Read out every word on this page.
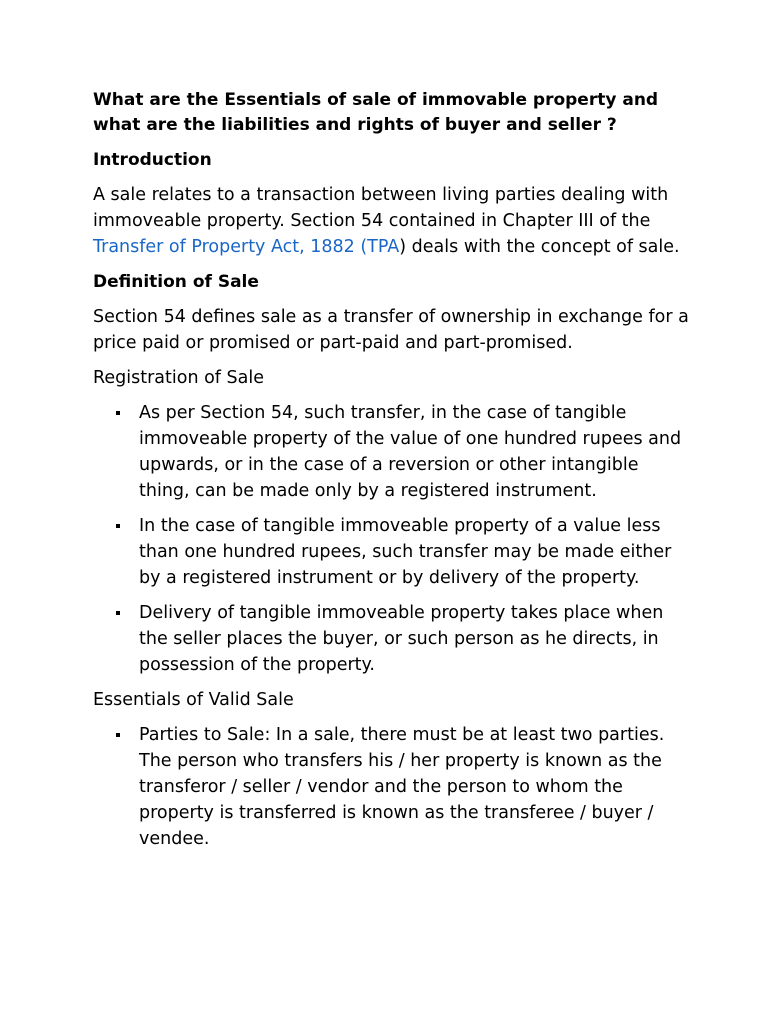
What are the Essentials of sale of immovable property and what are the liabilities and rights of buyer and seller ?

Introduction

A sale relates to a transaction between living parties dealing with immoveable property. Section 54 contained in Chapter III of the Transfer of Property Act, 1882 (TPA) deals with the concept of sale.

Definition of Sale

Section 54 defines sale as a transfer of ownership in exchange for a price paid or promised or part-paid and part-promised.

Registration of Sale

As per Section 54, such transfer, in the case of tangible immoveable property of the value of one hundred rupees and upwards, or in the case of a reversion or other intangible thing, can be made only by a registered instrument.
In the case of tangible immoveable property of a value less than one hundred rupees, such transfer may be made either by a registered instrument or by delivery of the property.
Delivery of tangible immoveable property takes place when the seller places the buyer, or such person as he directs, in possession of the property.

Essentials of Valid Sale

Parties to Sale: In a sale, there must be at least two parties. The person who transfers his / her property is known as the transferor / seller / vendor and the person to whom the property is transferred is known as the transferee / buyer / vendee.
